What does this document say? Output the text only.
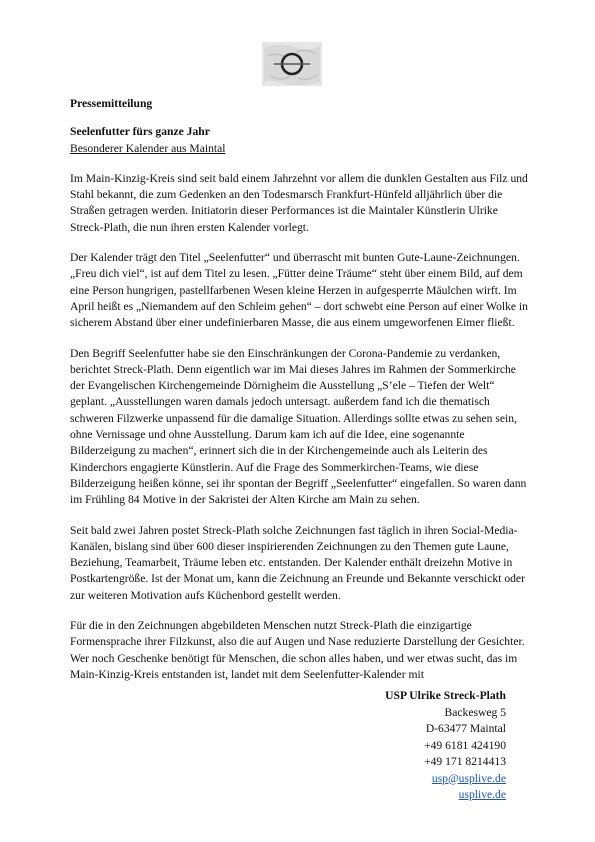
Pressemitteilung

Seelenfutter fürs ganze Jahr

Besonderer Kalender aus Maintal

Im Main-Kinzig-Kreis sind seit bald einem Jahrzehnt vor allem die dunklen Gestalten aus Filz und Stahl bekannt, die zum Gedenken an den Todesmarsch Frankfurt-Hünfeld alljährlich über die Straßen getragen werden. Initiatorin dieser Performances ist die Maintaler Künstlerin Ulrike Streck-Plath, die nun ihren ersten Kalender vorlegt.

Der Kalender trägt den Titel „Seelenfutter“ und überrascht mit bunten Gute-Laune-Zeichnungen. „Freu dich viel“, ist auf dem Titel zu lesen. „Fütter deine Träume“ steht über einem Bild, auf dem eine Person hungrigen, pastellfarbenen Wesen kleine Herzen in aufgesperrte Mäulchen wirft. Im April heißt es „Niemandem auf den Schleim gehen“ – dort schwebt eine Person auf einer Wolke in sicherem Abstand über einer undefinierbaren Masse, die aus einem umgeworfenen Eimer fließt.

Den Begriff Seelenfutter habe sie den Einschränkungen der Corona-Pandemie zu verdanken, berichtet Streck-Plath. Denn eigentlich war im Mai dieses Jahres im Rahmen der Sommerkirche der Evangelischen Kirchengemeinde Dörnigheim die Ausstellung „S’ele – Tiefen der Welt“ geplant. „Ausstellungen waren damals jedoch untersagt. außerdem fand ich die thematisch schweren Filzwerke unpassend für die damalige Situation. Allerdings sollte etwas zu sehen sein, ohne Vernissage und ohne Ausstellung. Darum kam ich auf die Idee, eine sogenannte Bilderzeigung zu machen“, erinnert sich die in der Kirchengemeinde auch als Leiterin des Kinderchors engagierte Künstlerin. Auf die Frage des Sommerkirchen-Teams, wie diese Bilderzeigung heißen könne, sei ihr spontan der Begriff „Seelenfutter“ eingefallen. So waren dann im Frühling 84 Motive in der Sakristei der Alten Kirche am Main zu sehen.

Seit bald zwei Jahren postet Streck-Plath solche Zeichnungen fast täglich in ihren Social-Media-Kanälen, bislang sind über 600 dieser inspirierenden Zeichnungen zu den Themen gute Laune, Beziehung, Teamarbeit, Träume leben etc. entstanden. Der Kalender enthält dreizehn Motive in Postkartengröße. Ist der Monat um, kann die Zeichnung an Freunde und Bekannte verschickt oder zur weiteren Motivation aufs Küchenbord gestellt werden.

Für die in den Zeichnungen abgebildeten Menschen nutzt Streck-Plath die einzigartige Formensprache ihrer Filzkunst, also die auf Augen und Nase reduzierte Darstellung der Gesichter. Wer noch Geschenke benötigt für Menschen, die schon alles haben, und wer etwas sucht, das im Main-Kinzig-Kreis entstanden ist, landet mit dem Seelenfutter-Kalender mit

USP Ulrike Streck-Plath
Backesweg 5
D-63477 Maintal
+49 6181 424190
+49 171 8214413
usp@usplive.de
usplive.de
